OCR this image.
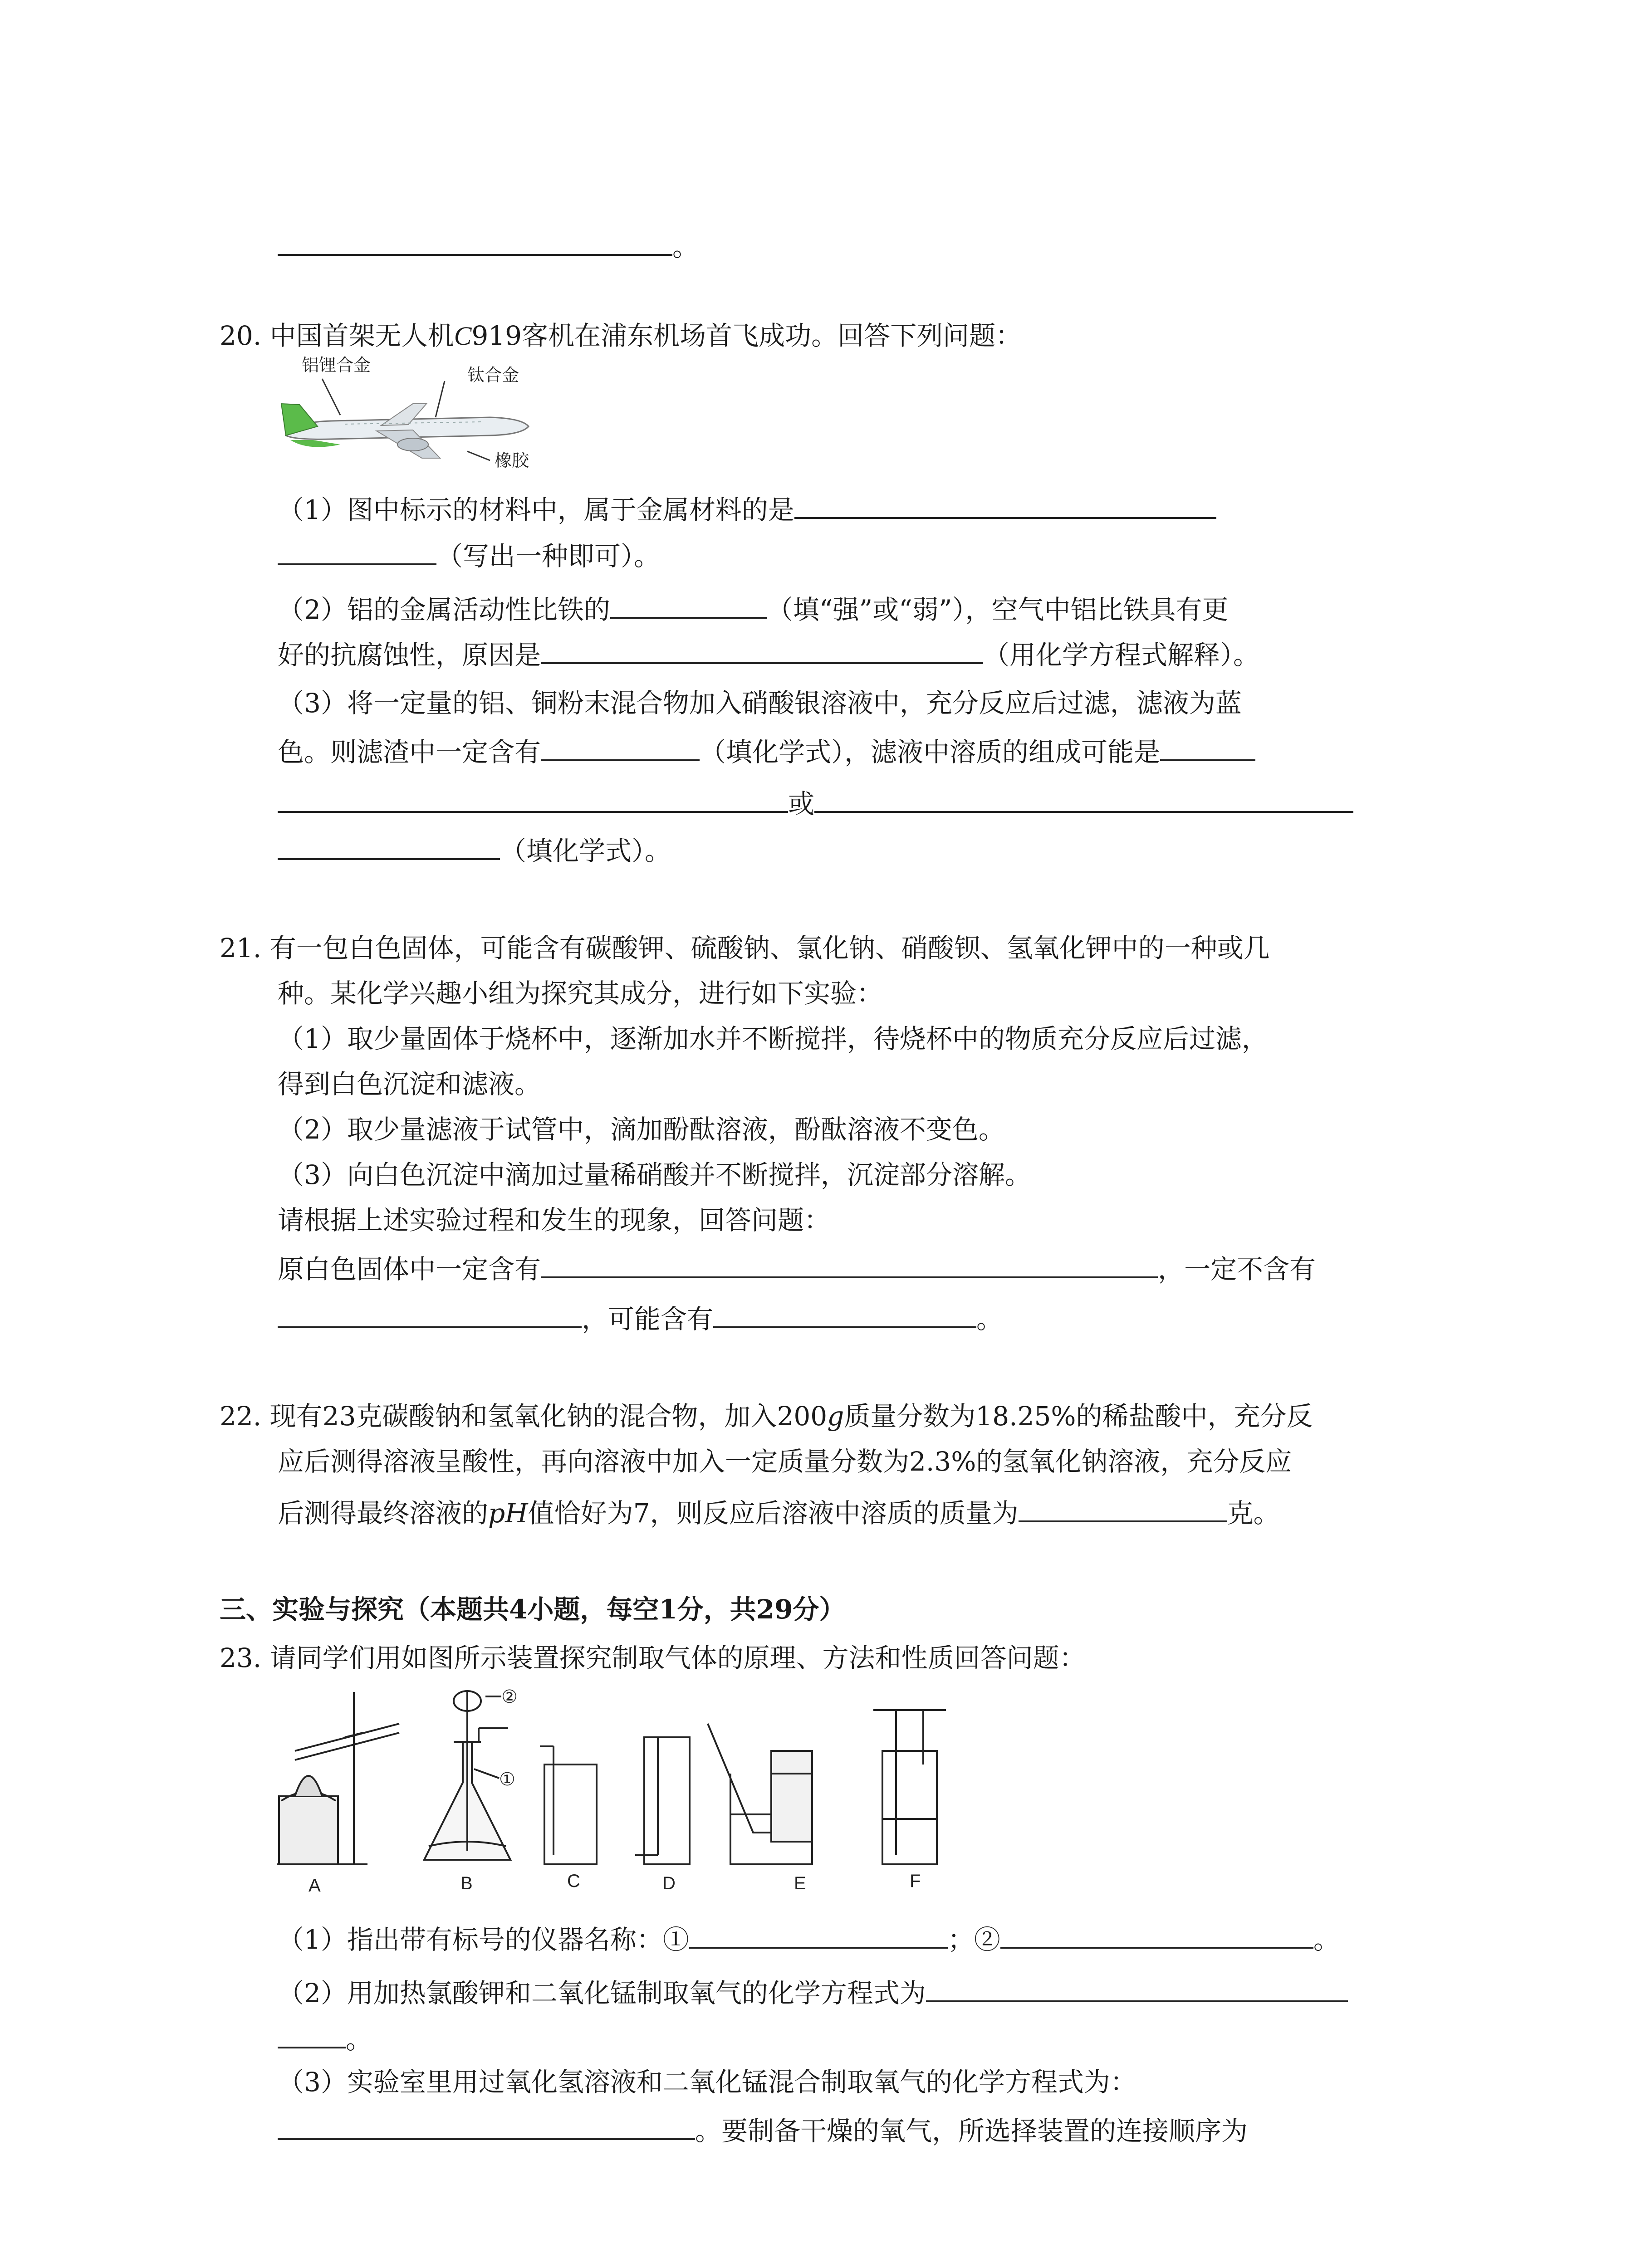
。
20. 中国首架无人机C919客机在浦东机场首飞成功。回答下列问题：
铝锂合金
钛合金
橡胶
（1）图中标示的材料中，属于金属材料的是
（写出一种即可）。
（2）铝的金属活动性比铁的	（填“强”或“弱”），空气中铝比铁具有更
好的抗腐蚀性，原因是	（用化学方程式解释）。
（3）将一定量的铝、铜粉末混合物加入硝酸银溶液中，充分反应后过滤，滤液为蓝
色。则滤渣中一定含有	（填化学式），滤液中溶质的组成可能是
或
（填化学式）。
21. 有一包白色固体，可能含有碳酸钾、硫酸钠、氯化钠、硝酸钡、氢氧化钾中的一种或几
种。某化学兴趣小组为探究其成分，进行如下实验：
（1）取少量固体于烧杯中，逐渐加水并不断搅拌，待烧杯中的物质充分反应后过滤，
得到白色沉淀和滤液。
（2）取少量滤液于试管中，滴加酚酞溶液，酚酞溶液不变色。
（3）向白色沉淀中滴加过量稀硝酸并不断搅拌，沉淀部分溶解。
请根据上述实验过程和发生的现象，回答问题：
原白色固体中一定含有	，一定不含有
，可能含有	。
22. 现有23克碳酸钠和氢氧化钠的混合物，加入200g质量分数为18.25%的稀盐酸中，充分反
应后测得溶液呈酸性，再向溶液中加入一定质量分数为2.3%的氢氧化钠溶液，充分反应
后测得最终溶液的pH值恰好为7，则反应后溶液中溶质的质量为	克。
三、实验与探究（本题共4小题，每空1分，共29分）
23. 请同学们用如图所示装置探究制取气体的原理、方法和性质回答问题：
②
①
A	B	C	D	E	F
（1）指出带有标号的仪器名称：①	；②	。
（2）用加热氯酸钾和二氧化锰制取氧气的化学方程式为
。
（3）实验室里用过氧化氢溶液和二氧化锰混合制取氧气的化学方程式为：
。要制备干燥的氧气，所选择装置的连接顺序为
